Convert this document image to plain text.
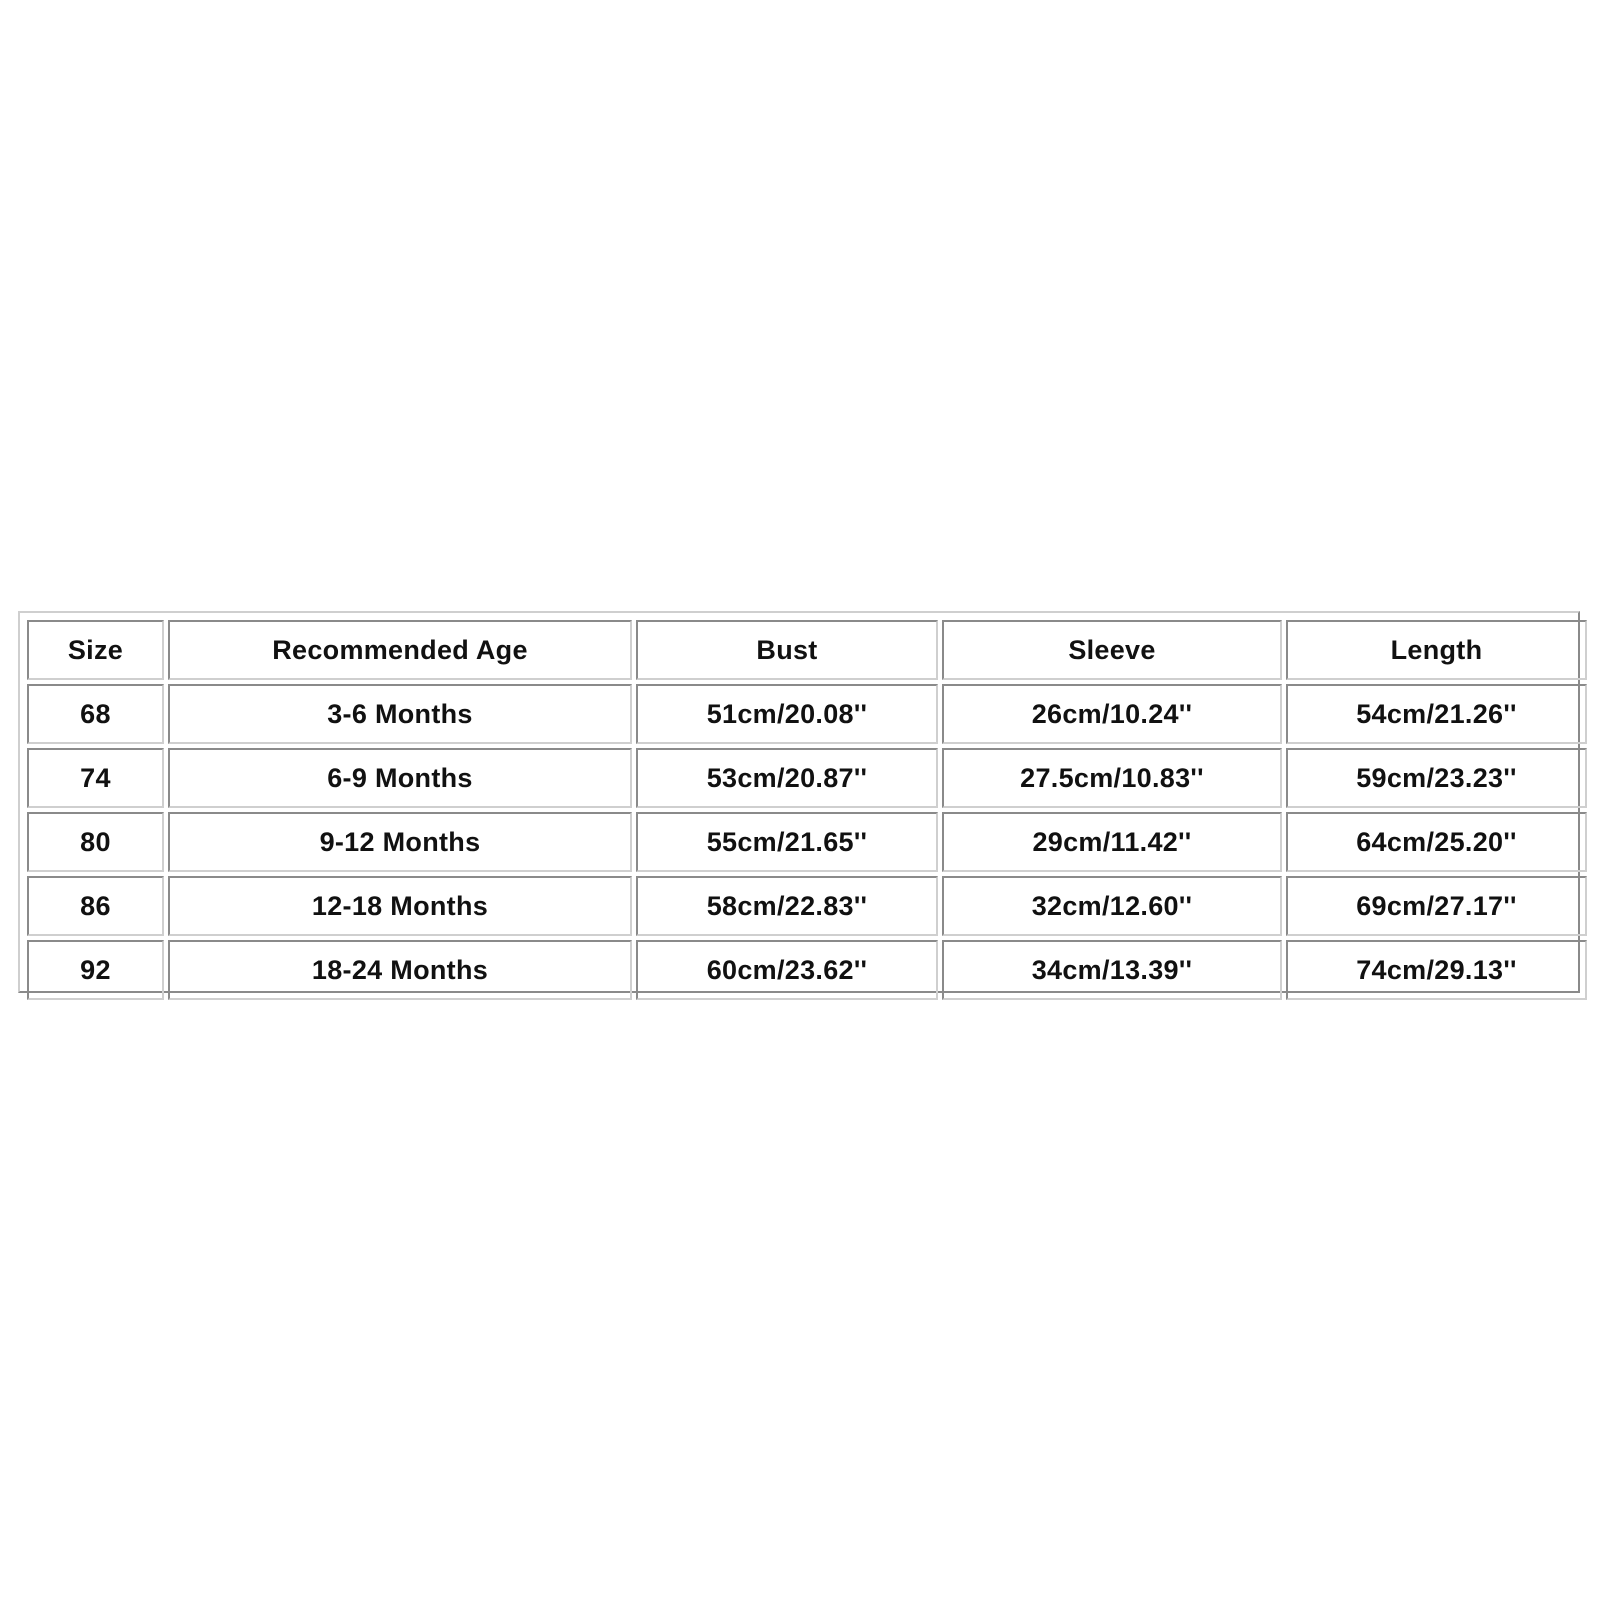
Size	Recommended Age	Bust	Sleeve	Length
68	3-6 Months	51cm/20.08''	26cm/10.24''	54cm/21.26''
74	6-9 Months	53cm/20.87''	27.5cm/10.83''	59cm/23.23''
80	9-12 Months	55cm/21.65''	29cm/11.42''	64cm/25.20''
86	12-18 Months	58cm/22.83''	32cm/12.60''	69cm/27.17''
92	18-24 Months	60cm/23.62''	34cm/13.39''	74cm/29.13''
